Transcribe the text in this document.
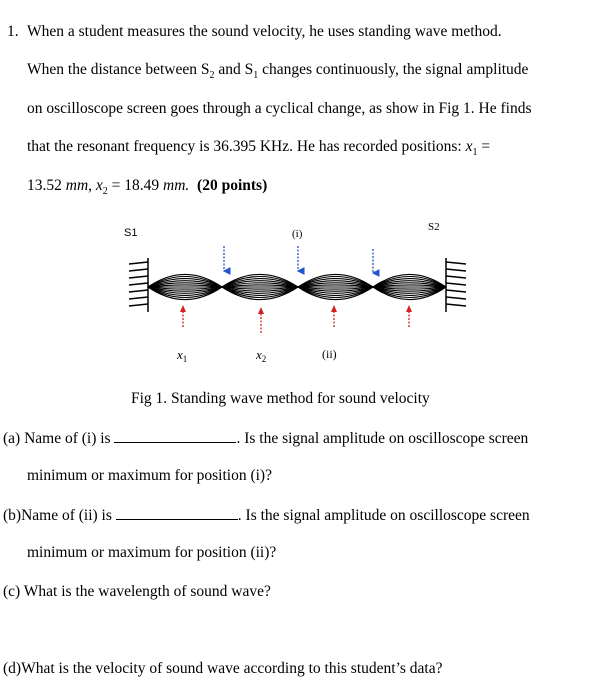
1. When a student measures the sound velocity, he uses standing wave method.
When the distance between $S_2$ and $S_1$ changes continuously, the signal amplitude
on oscilloscope screen goes through a cyclical change, as show in Fig 1. He finds
that the resonant frequency is 36.395 KHz. He has recorded positions: $x_1$ =
13.52 mm, $x_2 = 18.49$ mm. (20 points)
S1	S2
(i)
$x_1$	$x_2$	(ii)
Fig 1. Standing wave method for sound velocity
(a) Name of (i) is	. Is the signal amplitude on oscilloscope screen
minimum or maximum for position (i)?
(b)Name of (ii) is	. Is the signal amplitude on oscilloscope screen
minimum or maximum for position (ii)?
(c) What is the wavelength of sound wave?
(d)What is the velocity of sound wave according to this student’s data?
